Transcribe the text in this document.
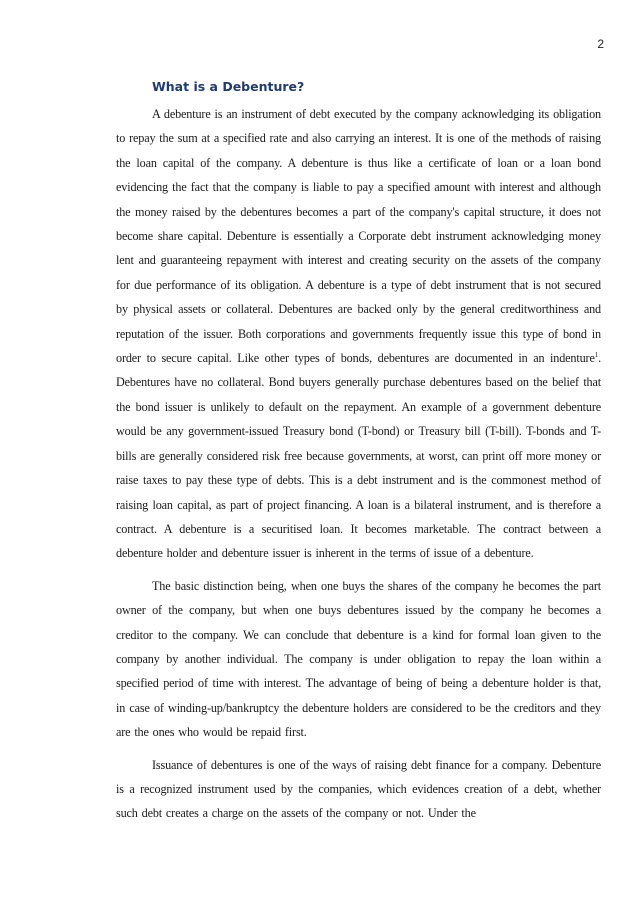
2
What is a Debenture?

A debenture is an instrument of debt executed by the company acknowledging its obligation to repay the sum at a specified rate and also carrying an interest. It is one of the methods of raising the loan capital of the company. A debenture is thus like a certificate of loan or a loan bond evidencing the fact that the company is liable to pay a specified amount with interest and although the money raised by the debentures becomes a part of the company's capital structure, it does not become share capital. Debenture is essentially a Corporate debt instrument acknowledging money lent and guaranteeing repayment with interest and creating security on the assets of the company for due performance of its obligation. A debenture is a type of debt instrument that is not secured by physical assets or collateral. Debentures are backed only by the general creditworthiness and reputation of the issuer. Both corporations and governments frequently issue this type of bond in order to secure capital. Like other types of bonds, debentures are documented in an indenture$^1$. Debentures have no collateral. Bond buyers generally purchase debentures based on the belief that the bond issuer is unlikely to default on the repayment. An example of a government debenture would be any government-issued Treasury bond (T-bond) or Treasury bill (T-bill). T-bonds and T-bills are generally considered risk free because governments, at worst, can print off more money or raise taxes to pay these type of debts. This is a debt instrument and is the commonest method of raising loan capital, as part of project financing. A loan is a bilateral instrument, and is therefore a contract. A debenture is a securitised loan. It becomes marketable. The contract between a debenture holder and debenture issuer is inherent in the terms of issue of a debenture.

The basic distinction being, when one buys the shares of the company he becomes the part owner of the company, but when one buys debentures issued by the company he becomes a creditor to the company. We can conclude that debenture is a kind for formal loan given to the company by another individual. The company is under obligation to repay the loan within a specified period of time with interest. The advantage of being of being a debenture holder is that, in case of winding-up/bankruptcy the debenture holders are considered to be the creditors and they are the ones who would be repaid first.

Issuance of debentures is one of the ways of raising debt finance for a company. Debenture is a recognized instrument used by the companies, which evidences creation of a debt, whether such debt creates a charge on the assets of the company or not. Under the
